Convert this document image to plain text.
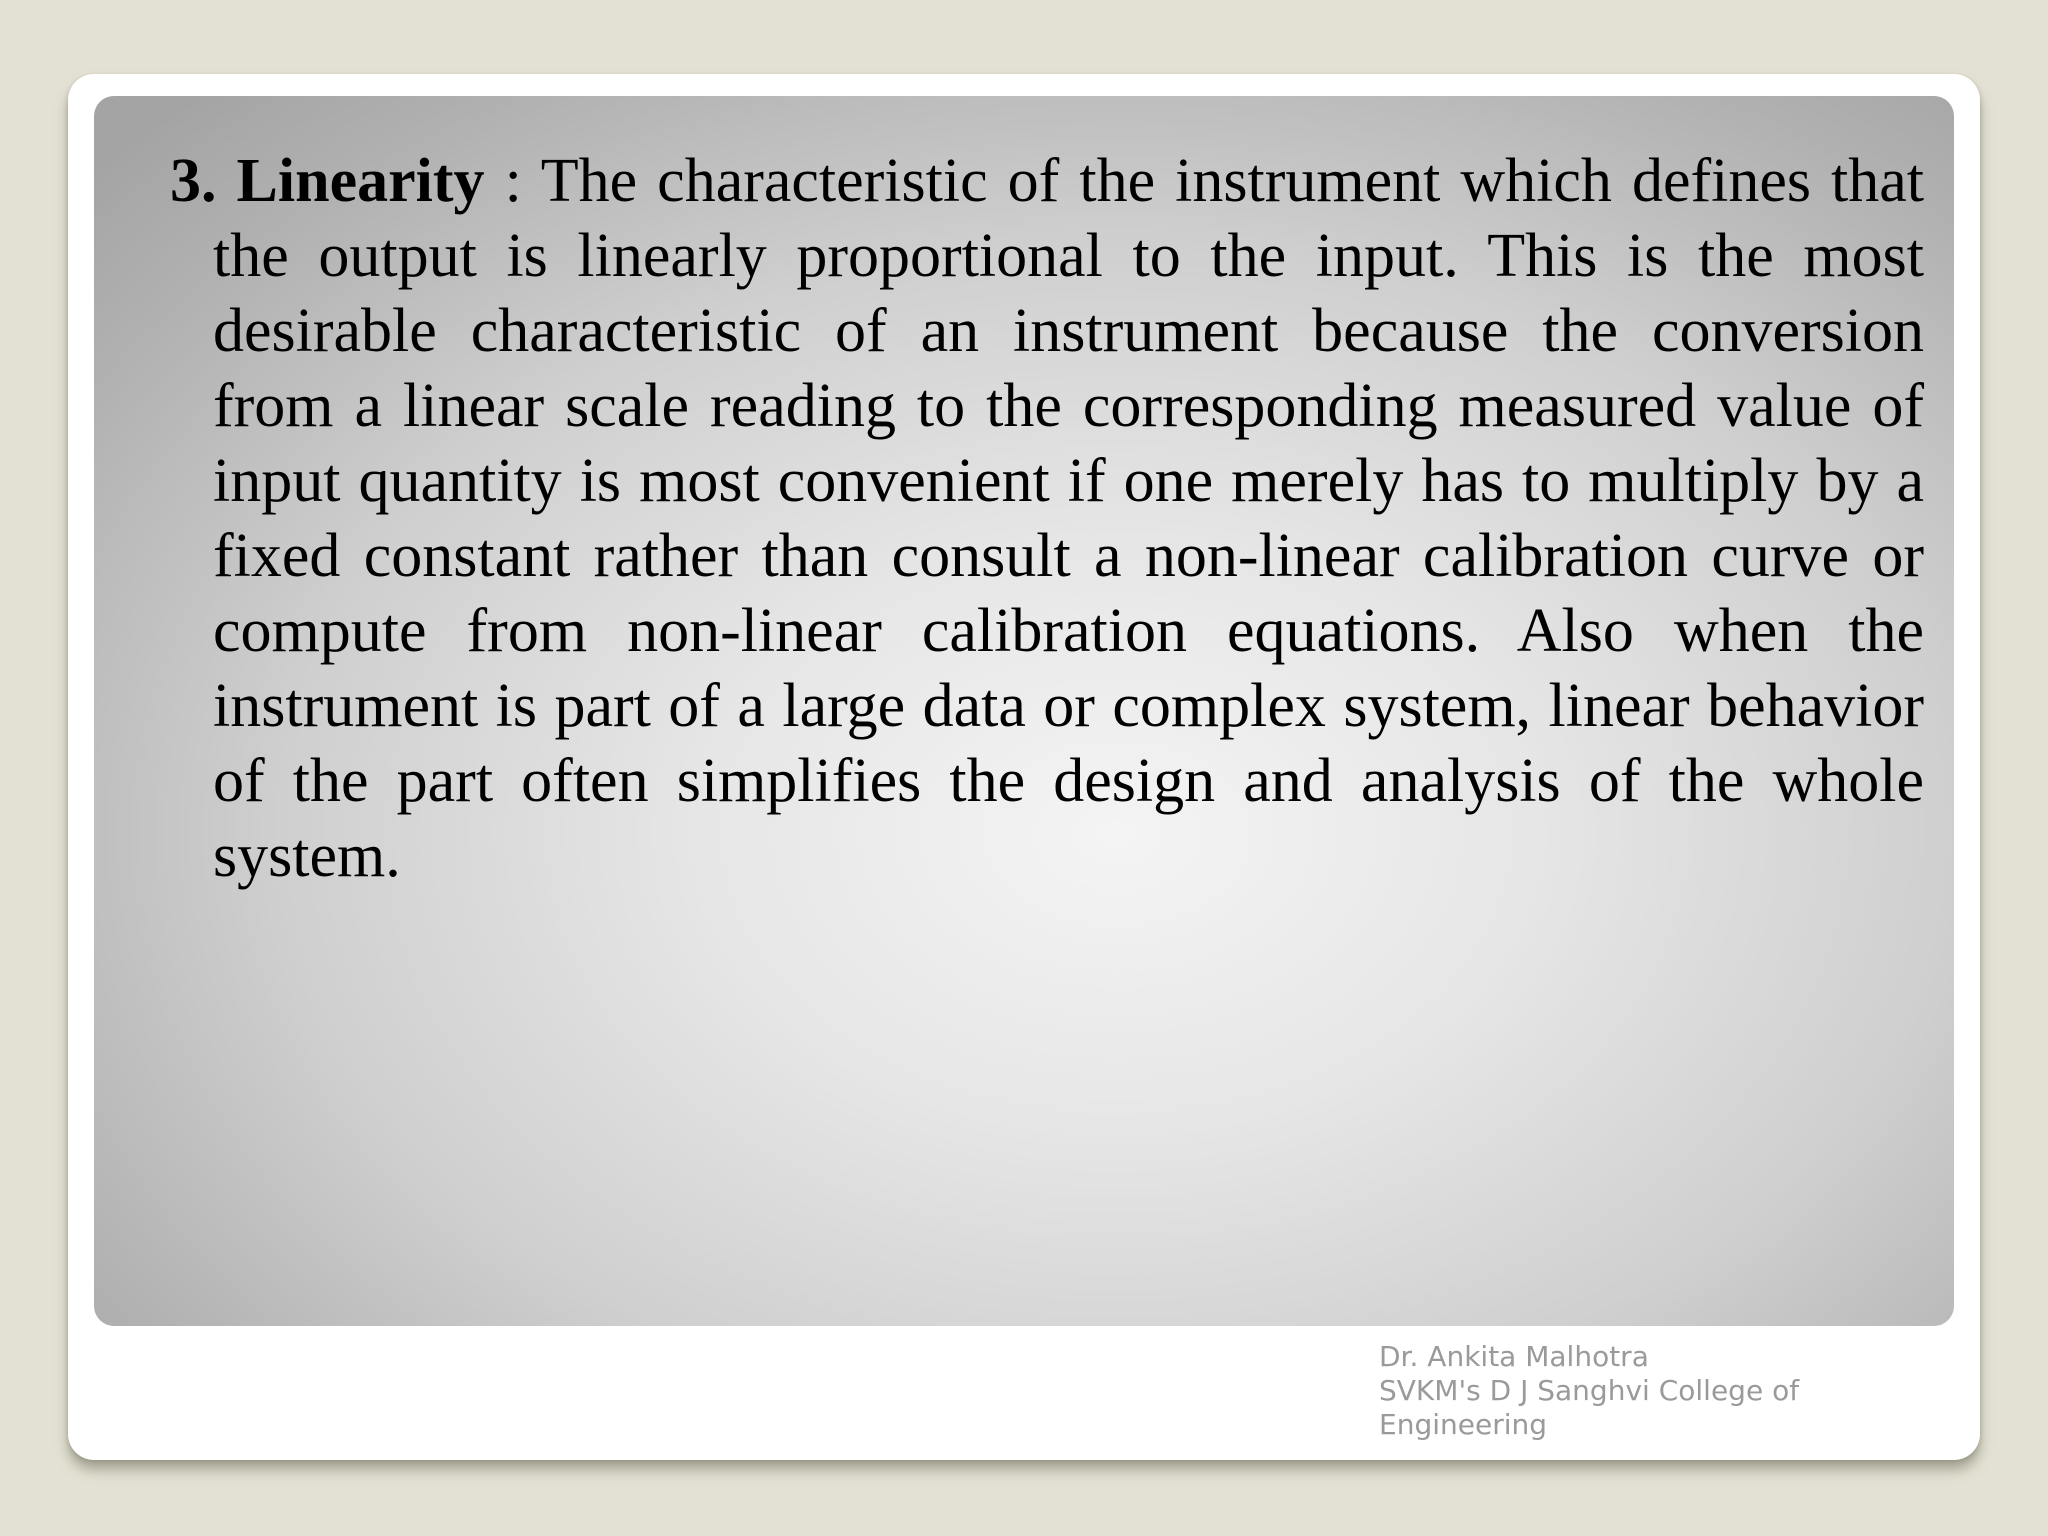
3. Linearity : The characteristic of the instrument which defines that the output is linearly proportional to the input. This is the most desirable characteristic of an instrument because the conversion from a linear scale reading to the corresponding measured value of input quantity is most convenient if one merely has to multiply by a fixed constant rather than consult a non-linear calibration curve or compute from non-linear calibration equations. Also when the instrument is part of a large data or complex system, linear behavior of the part often simplifies the design and analysis of the whole system.

Dr. Ankita Malhotra
SVKM's D J Sanghvi College of
Engineering
